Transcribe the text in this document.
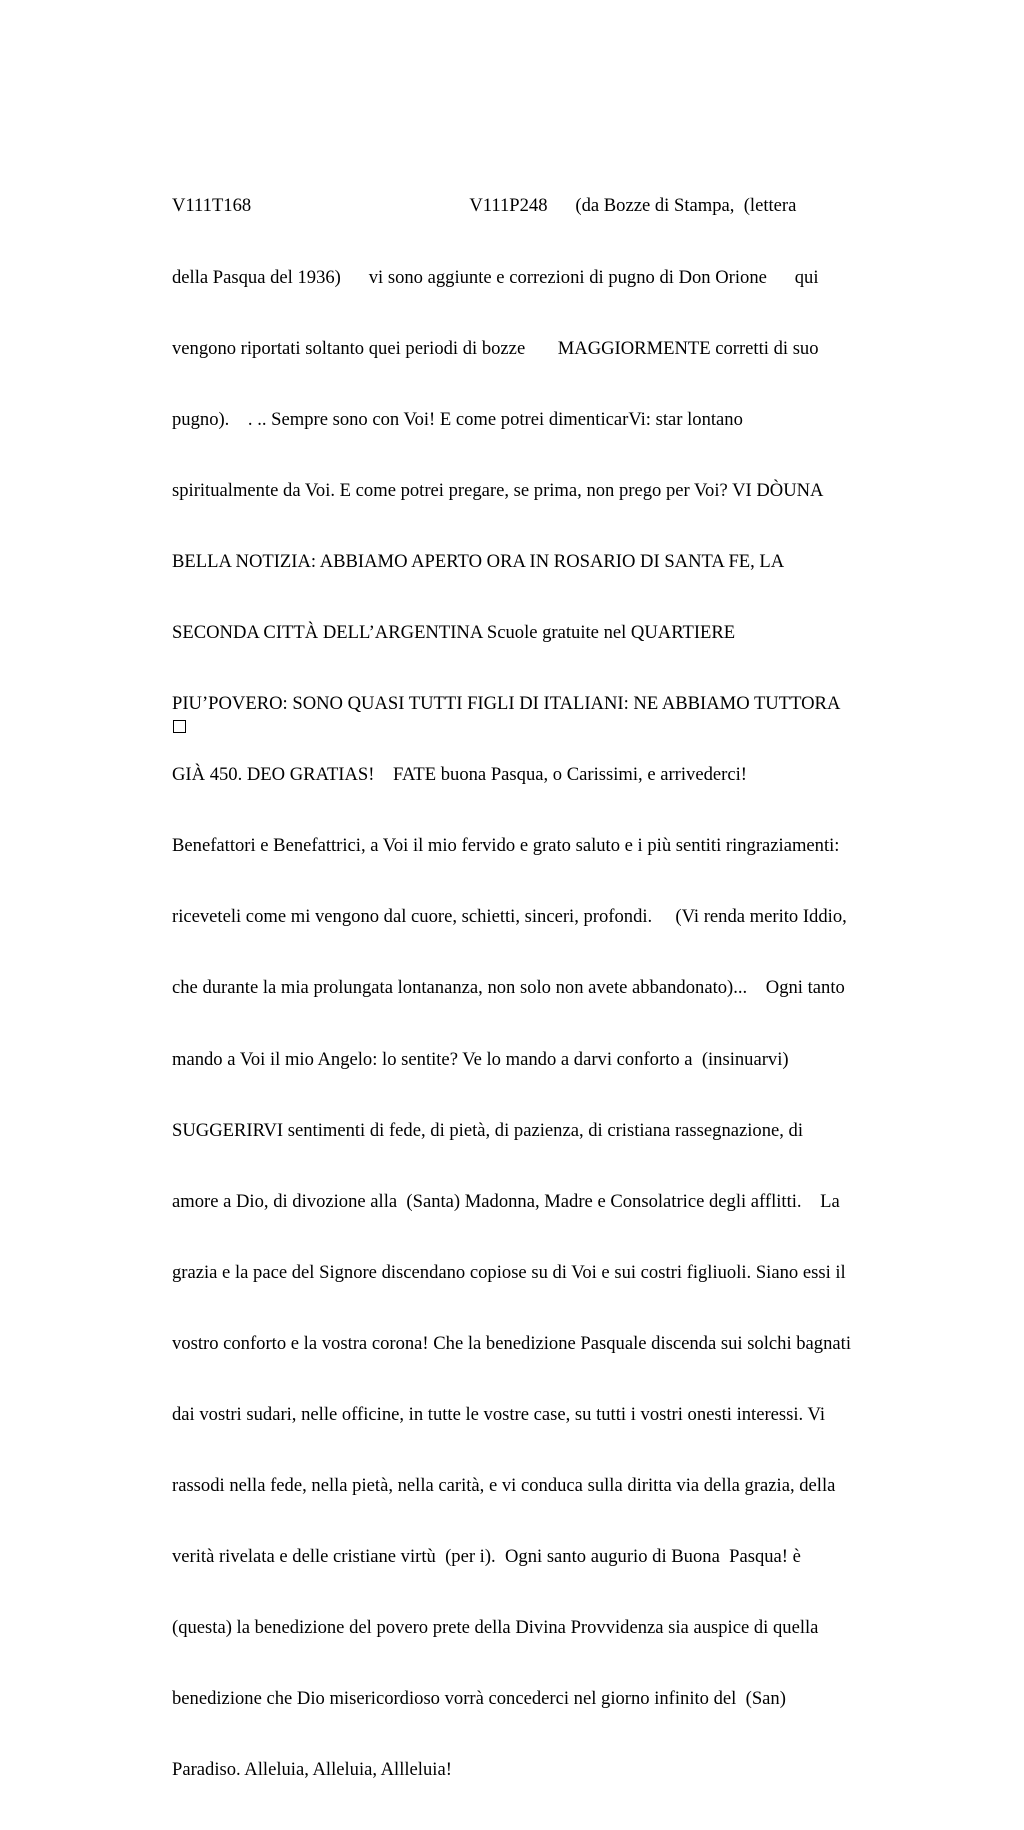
V111T168                                               V111P248      (da Bozze di Stampa,  (lettera

della Pasqua del 1936)      vi sono aggiunte e correzioni di pugno di Don Orione      qui

vengono riportati soltanto quei periodi di bozze       MAGGIORMENTE corretti di suo

pugno).    . .. Sempre sono con Voi! E come potrei dimenticarVi: star lontano

spiritualmente da Voi. E come potrei pregare, se prima, non prego per Voi? VI DÒUNA

BELLA NOTIZIA: ABBIAMO APERTO ORA IN ROSARIO DI SANTA FE, LA

SECONDA CITTÀ DELL’ARGENTINA Scuole gratuite nel QUARTIERE

PIU’POVERO: SONO QUASI TUTTI FIGLI DI ITALIANI: NE ABBIAMO TUTTORA

GIÀ 450. DEO GRATIAS!    FATE buona Pasqua, o Carissimi, e arrivederci!

Benefattori e Benefattrici, a Voi il mio fervido e grato saluto e i più sentiti ringraziamenti:

riceveteli come mi vengono dal cuore, schietti, sinceri, profondi.     (Vi renda merito Iddio,

che durante la mia prolungata lontananza, non solo non avete abbandonato)...    Ogni tanto

mando a Voi il mio Angelo: lo sentite? Ve lo mando a darvi conforto a  (insinuarvi)

SUGGERIRVI sentimenti di fede, di pietà, di pazienza, di cristiana rassegnazione, di

amore a Dio, di divozione alla  (Santa) Madonna, Madre e Consolatrice degli afflitti.    La

grazia e la pace del Signore discendano copiose su di Voi e sui costri figliuoli. Siano essi il

vostro conforto e la vostra corona! Che la benedizione Pasquale discenda sui solchi bagnati

dai vostri sudari, nelle officine, in tutte le vostre case, su tutti i vostri onesti interessi. Vi

rassodi nella fede, nella pietà, nella carità, e vi conduca sulla diritta via della grazia, della

verità rivelata e delle cristiane virtù  (per i).  Ogni santo augurio di Buona  Pasqua! è

(questa) la benedizione del povero prete della Divina Provvidenza sia auspice di quella

benedizione che Dio misericordioso vorrà concederci nel giorno infinito del  (San)

Paradiso. Alleluia, Alleluia, Allleluia!
